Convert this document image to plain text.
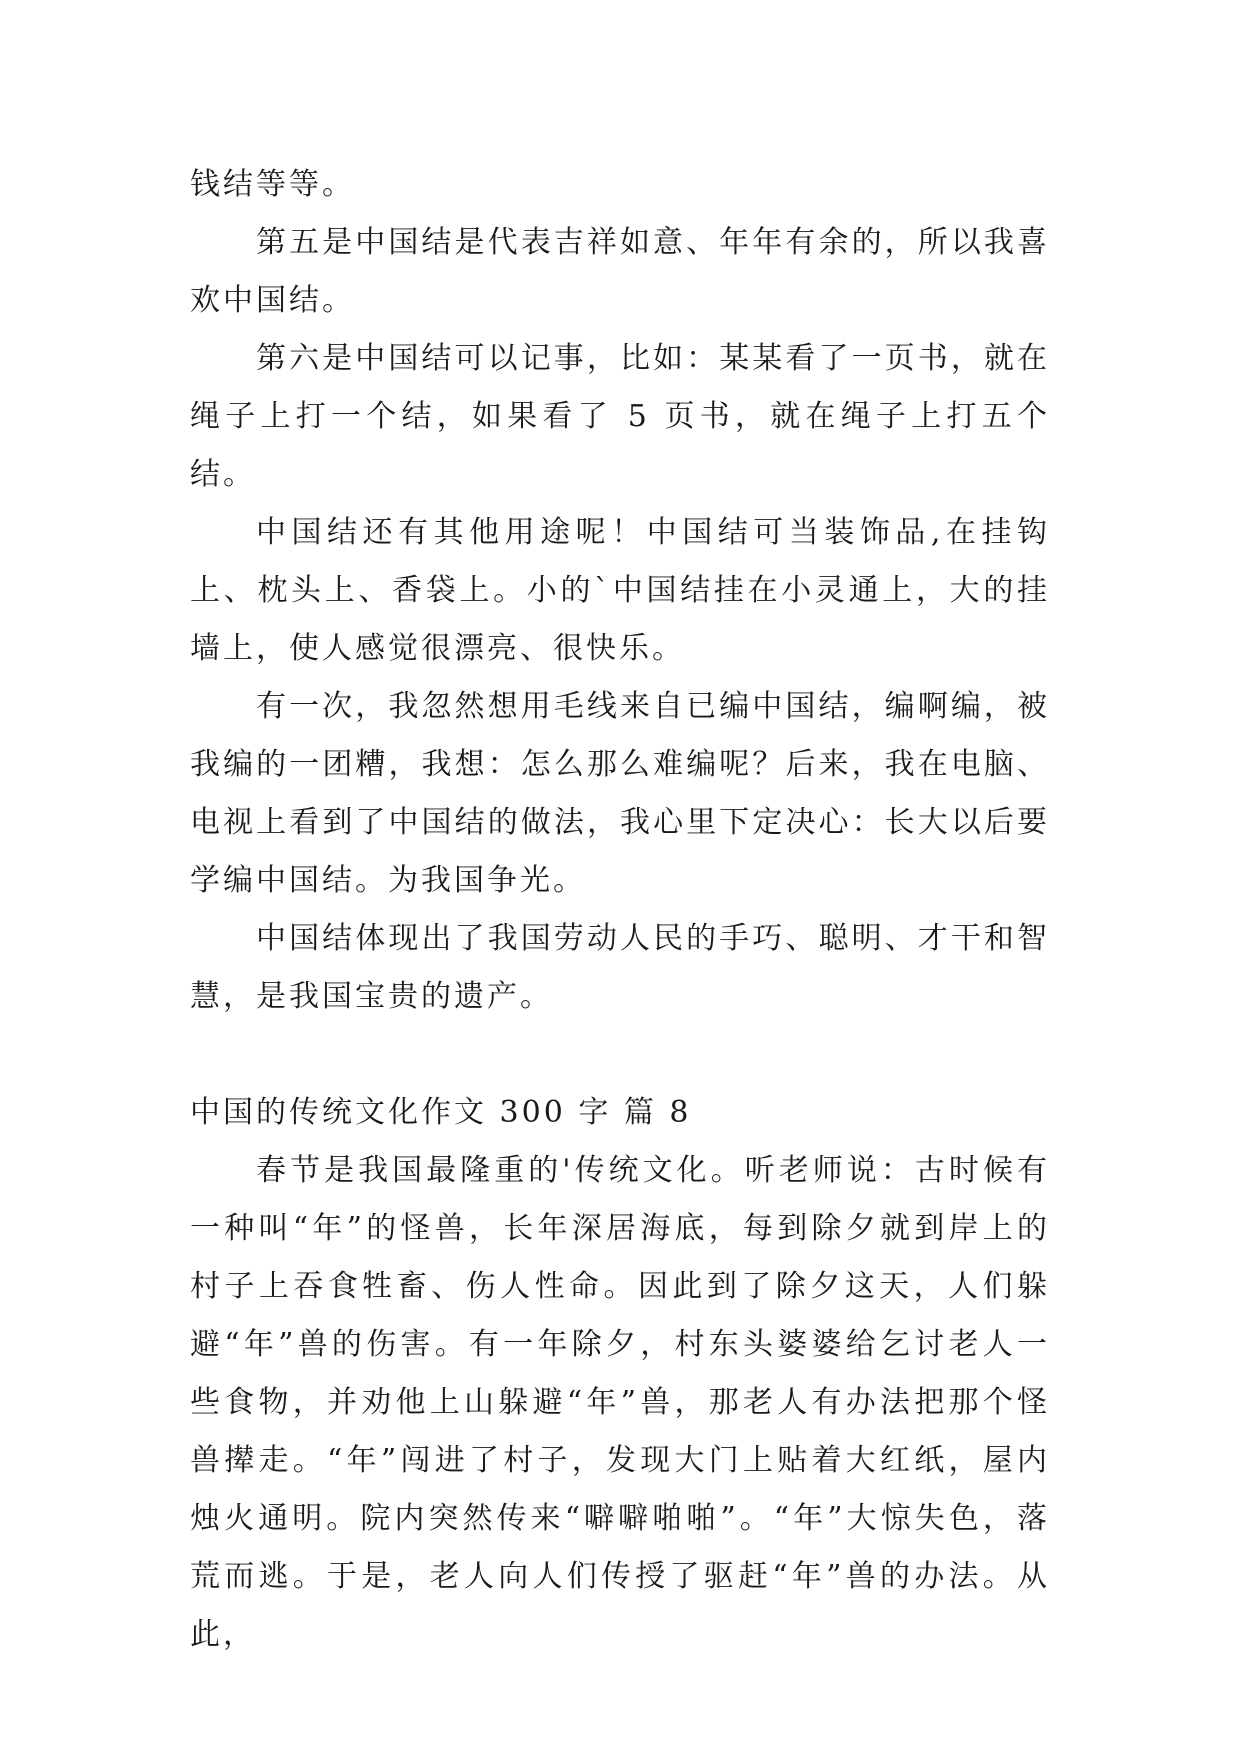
钱结等等。

第五是中国结是代表吉祥如意、年年有余的，所以我喜欢中国结。

第六是中国结可以记事，比如：某某看了一页书，就在绳子上打一个结，如果看了 5 页书，就在绳子上打五个结。

中国结还有其他用途呢！中国结可当装饰品,在挂钩上、枕头上、香袋上。小的`中国结挂在小灵通上，大的挂墙上，使人感觉很漂亮、很快乐。

有一次，我忽然想用毛线来自已编中国结，编啊编，被我编的一团糟，我想：怎么那么难编呢？后来，我在电脑、电视上看到了中国结的做法，我心里下定决心：长大以后要学编中国结。为我国争光。

中国结体现出了我国劳动人民的手巧、聪明、才干和智慧，是我国宝贵的遗产。

中国的传统文化作文 300 字 篇 8

春节是我国最隆重的'传统文化。听老师说：古时候有一种叫“年”的怪兽，长年深居海底，每到除夕就到岸上的村子上吞食牲畜、伤人性命。因此到了除夕这天，人们躲避“年”兽的伤害。有一年除夕，村东头婆婆给乞讨老人一些食物，并劝他上山躲避“年”兽，那老人有办法把那个怪兽撵走。“年”闯进了村子，发现大门上贴着大红纸，屋内烛火通明。院内突然传来“噼噼啪啪”。“年”大惊失色，落荒而逃。于是，老人向人们传授了驱赶“年”兽的办法。从此，
